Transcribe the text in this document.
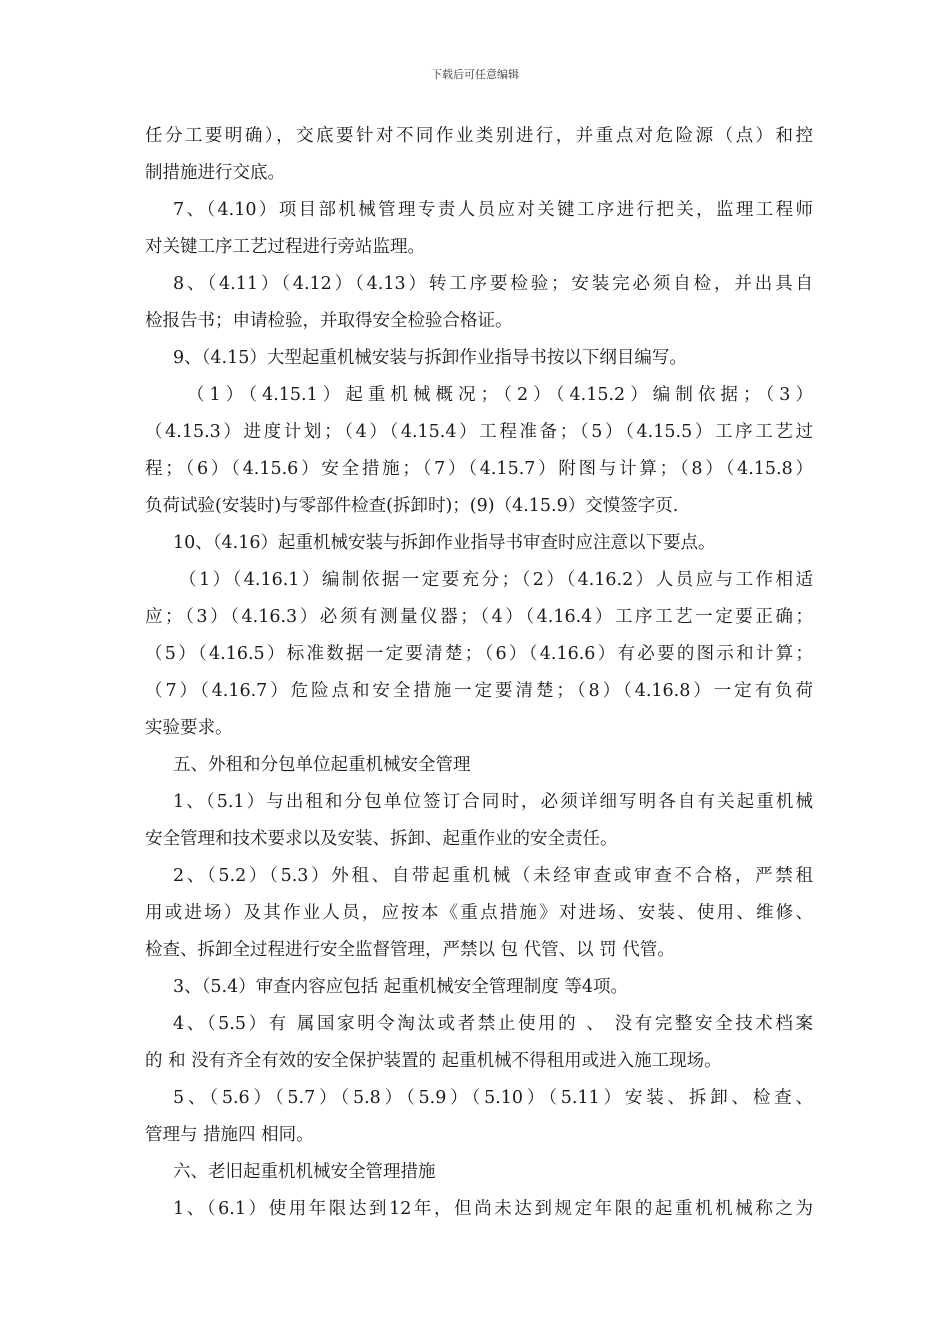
下载后可任意编辑
任分工要明确），交底要针对不同作业类别进行，并重点对危险源（点）和控
制措施进行交底。
7、（4.10）项目部机械管理专责人员应对关键工序进行把关，监理工程师
对关键工序工艺过程进行旁站监理。
8、（4.11）（4.12）（4.13）转工序要检验；安装完必须自检，并出具自
检报告书；申请检验，并取得安全检验合格证。
9、（4.15）大型起重机械安装与拆卸作业指导书按以下纲目编写。
（1）（4.15.1）起重机械概况；（2）（4.15.2）编制依据；（3）
（4.15.3）进度计划；（4）（4.15.4）工程准备；（5）（4.15.5）工序工艺过
程；（6）（4.15.6）安全措施；（7）（4.15.7）附图与计算；（8）（4.15.8）
负荷试验(安装时)与零部件检查(拆卸时)；(9)（4.15.9）交慔签字页.
10、（4.16）起重机械安装与拆卸作业指导书审查时应注意以下要点。
（1）（4.16.1）编制依据一定要充分；（2）（4.16.2）人员应与工作相适
应；（3）（4.16.3）必须有测量仪器；（4）（4.16.4）工序工艺一定要正确；
（5）（4.16.5）标准数据一定要清楚；（6）（4.16.6）有必要的图示和计算；
（7）（4.16.7）危险点和安全措施一定要清楚；（8）（4.16.8）一定有负荷
实验要求。
五、外租和分包单位起重机械安全管理
1、（5.1）与出租和分包单位签订合同时，必须详细写明各自有关起重机械
安全管理和技术要求以及安装、拆卸、起重作业的安全责任。
2、（5.2）（5.3）外租、自带起重机械（未经审查或审查不合格，严禁租
用或进场）及其作业人员，应按本《重点措施》对进场、安装、使用、维修、
检查、拆卸全过程进行安全监督管理，严禁以 包 代管、以 罚 代管。
3、（5.4）审查内容应包括 起重机械安全管理制度 等4项。
4、（5.5）有 属国家明令淘汰或者禁止使用的 、 没有完整安全技术档案
的 和 没有齐全有效的安全保护装置的 起重机械不得租用或进入施工现场。
5、（5.6）（5.7）（5.8）（5.9）（5.10）（5.11）安装、拆卸、检查、
管理与 措施四 相同。
六、老旧起重机机械安全管理措施
1、（6.1）使用年限达到12年，但尚未达到规定年限的起重机机械称之为
